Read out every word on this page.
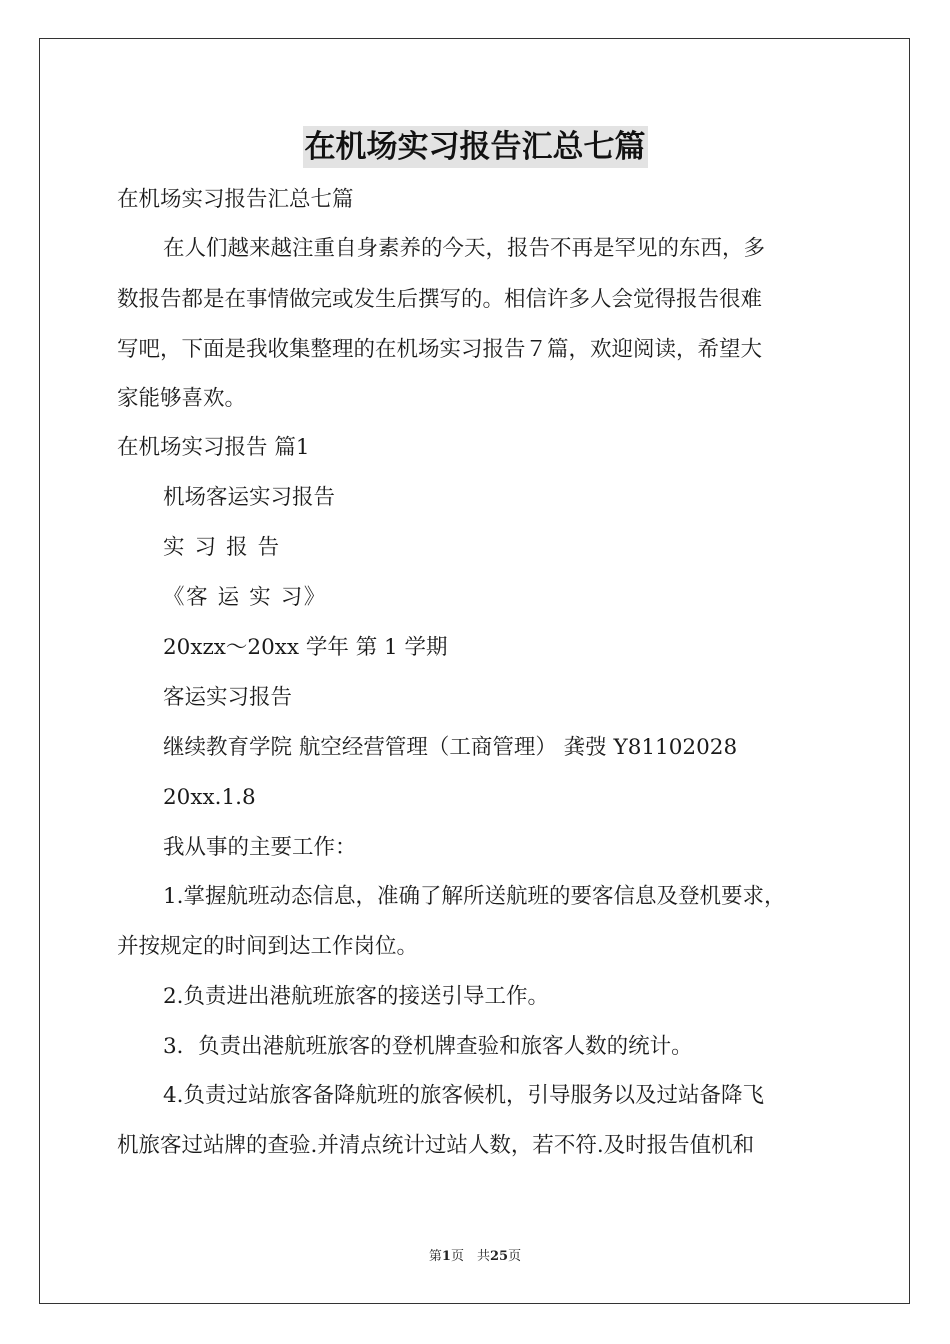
在机场实习报告汇总七篇
在机场实习报告汇总七篇
在人们越来越注重自身素养的今天，报告不再是罕见的东西，多
数报告都是在事情做完或发生后撰写的。相信许多人会觉得报告很难
写吧，下面是我收集整理的在机场实习报告７篇，欢迎阅读，希望大
家能够喜欢。
在机场实习报告 篇1
机场客运实习报告
实 习 报 告
《客 运 实 习》
20xzx～20xx 学年 第 1 学期
客运实习报告
继续教育学院 航空经营管理（工商管理） 龚弢 Y81102028
20xx.1.8
我从事的主要工作：
1.掌握航班动态信息，准确了解所送航班的要客信息及登机要求，
并按规定的时间到达工作岗位。
2.负责进出港航班旅客的接送引导工作。
3．负责出港航班旅客的登机牌查验和旅客人数的统计。
4.负责过站旅客备降航班的旅客候机，引导服务以及过站备降飞
机旅客过站牌的查验.并清点统计过站人数，若不符.及时报告值机和
第1页　共25页
